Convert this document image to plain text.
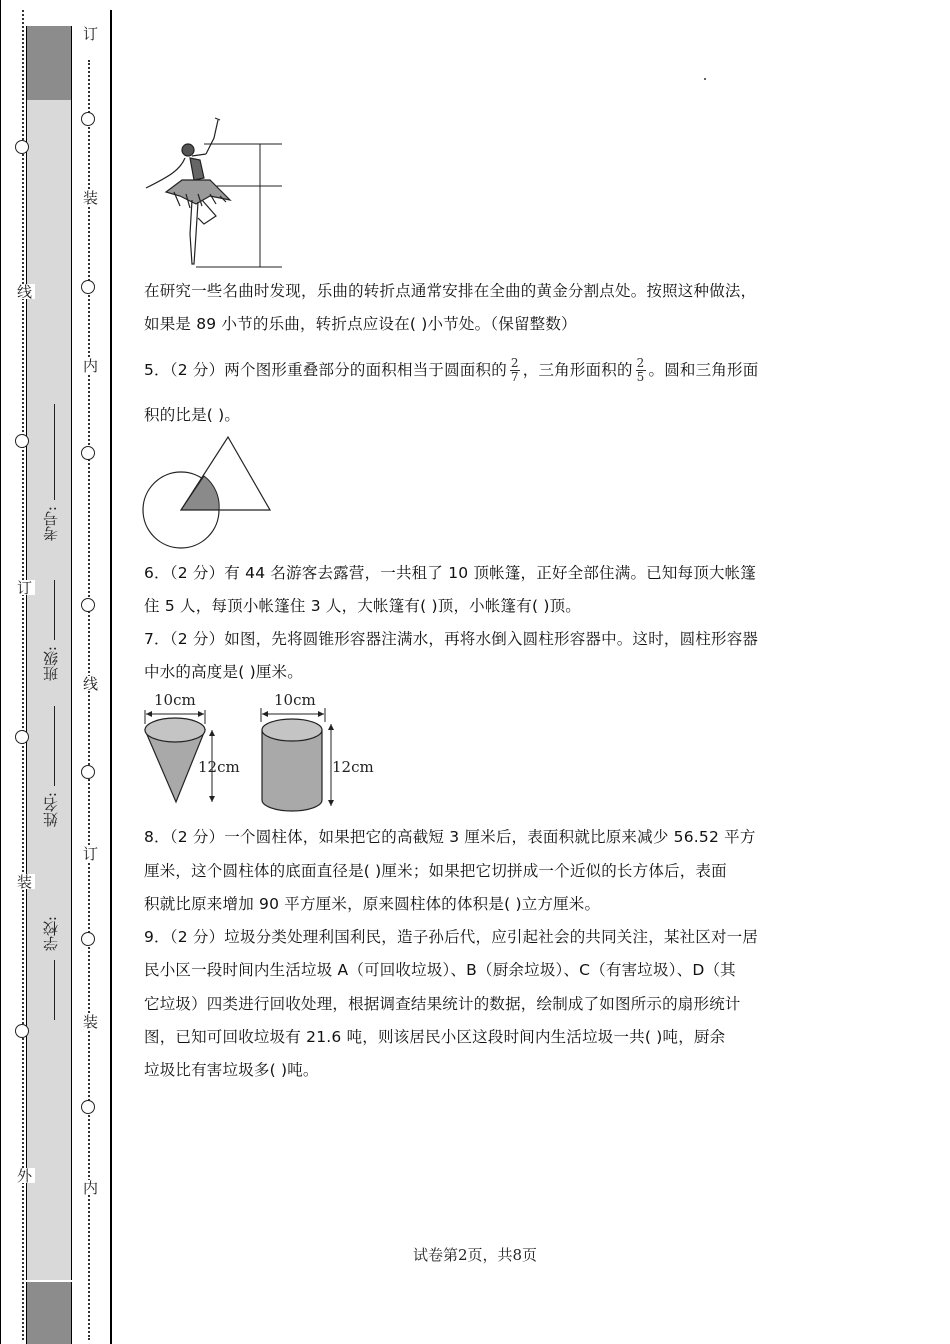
线
订
装
外
订
装
内
订
线
装
内
考号:
班级:
姓名:
学校:
在研究一些名曲时发现，乐曲的转折点通常安排在全曲的黄金分割点处。按照这种做法，
如果是 89 小节的乐曲，转折点应设在( )小节处。（保留整数）
5．（2 分）两个图形重叠部分的面积相当于圆面积的 $\frac{2}{7}$ ，三角形面积的 $\frac{2}{5}$ 。圆和三角形面
积的比是( )。
6．（2 分）有 44 名游客去露营，一共租了 10 顶帐篷，正好全部住满。已知每顶大帐篷
住 5 人，每顶小帐篷住 3 人，大帐篷有( )顶，小帐篷有( )顶。
7．（2 分）如图，先将圆锥形容器注满水，再将水倒入圆柱形容器中。这时，圆柱形容器
中水的高度是( )厘米。
10cm
12cm
10cm
12cm
8．（2 分）一个圆柱体，如果把它的高截短 3 厘米后，表面积就比原来减少 56.52 平方
厘米，这个圆柱体的底面直径是( )厘米；如果把它切拼成一个近似的长方体后，表面
积就比原来增加 90 平方厘米，原来圆柱体的体积是( )立方厘米。
9．（2 分）垃圾分类处理利国利民，造子孙后代，应引起社会的共同关注，某社区对一居
民小区一段时间内生活垃圾 A（可回收垃圾）、B（厨余垃圾）、C（有害垃圾）、D（其
它垃圾）四类进行回收处理，根据调查结果统计的数据，绘制成了如图所示的扇形统计
图，已知可回收垃圾有 21.6 吨，则该居民小区这段时间内生活垃圾一共( )吨，厨余
垃圾比有害垃圾多( )吨。
试卷第2页，共8页
